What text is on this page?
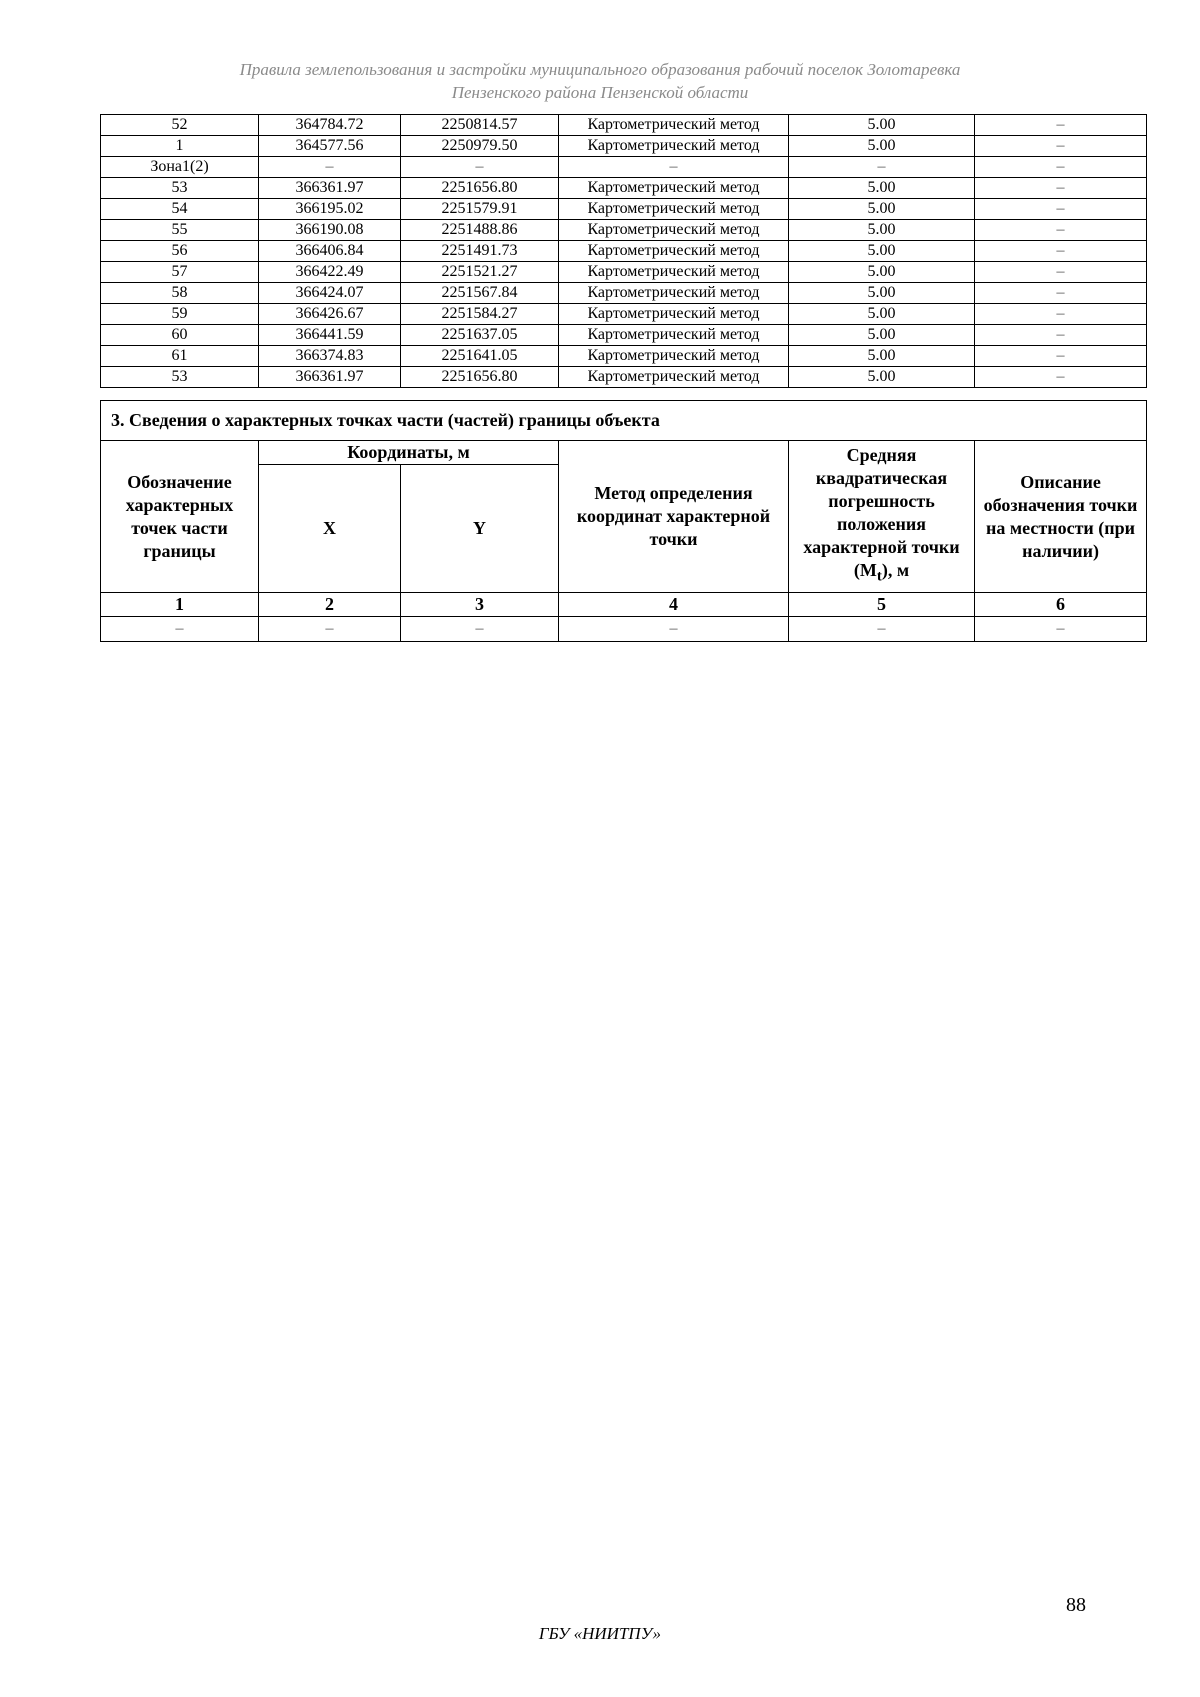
Правила землепользования и застройки муниципального образования рабочий поселок Золотаревка
Пензенского района Пензенской области
52	364784.72	2250814.57	Картометрический метод	5.00	–
1	364577.56	2250979.50	Картометрический метод	5.00	–
Зона1(2)	–	–	–	–	–
53	366361.97	2251656.80	Картометрический метод	5.00	–
54	366195.02	2251579.91	Картометрический метод	5.00	–
55	366190.08	2251488.86	Картометрический метод	5.00	–
56	366406.84	2251491.73	Картометрический метод	5.00	–
57	366422.49	2251521.27	Картометрический метод	5.00	–
58	366424.07	2251567.84	Картометрический метод	5.00	–
59	366426.67	2251584.27	Картометрический метод	5.00	–
60	366441.59	2251637.05	Картометрический метод	5.00	–
61	366374.83	2251641.05	Картометрический метод	5.00	–
53	366361.97	2251656.80	Картометрический метод	5.00	–
3. Сведения о характерных точках части (частей) границы объекта					
Обозначение характерных точек части границы	Координаты, м		Метод определения координат характерной точки	Средняя квадратическая погрешность положения характерной точки $(M_t)$, м	Описание обозначения точки на местности (при наличии)
	X	Y			
1	2	3	4	5	6
–	–	–	–	–	–
88
ГБУ «НИИТПУ»
